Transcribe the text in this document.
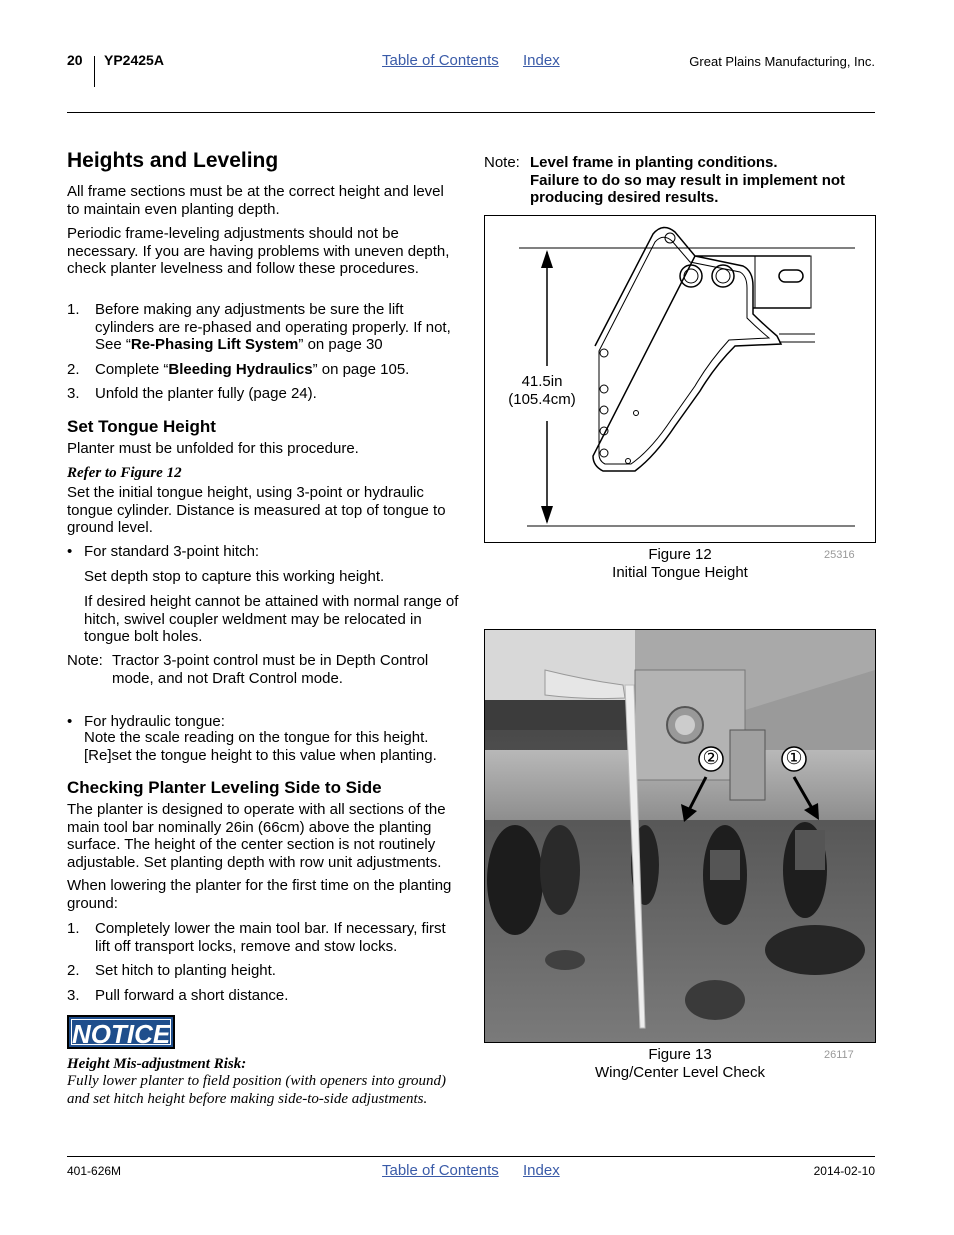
20 YP2425A	Table of Contents Index	Great Plains Manufacturing, Inc.
Heights and Leveling

All frame sections must be at the correct height and level to maintain even planting depth.

Periodic frame-leveling adjustments should not be necessary. If you are having problems with uneven depth, check planter levelness and follow these procedures.

1. Before making any adjustments be sure the lift cylinders are re-phased and operating properly. If not, See “Re-Phasing Lift System” on page 30
2. Complete “Bleeding Hydraulics” on page 105.
3. Unfold the planter fully (page 24).
Set Tongue Height

Planter must be unfolded for this procedure.

Refer to Figure 12

Set the initial tongue height, using 3-point or hydraulic tongue cylinder. Distance is measured at top of tongue to ground level.

• For standard 3-point hitch:

Set depth stop to capture this working height.

If desired height cannot be attained with normal range of hitch, swivel coupler weldment may be relocated in tongue bolt holes.

Note: Tractor 3-point control must be in Depth Control mode, and not Draft Control mode.
• For hydraulic tongue:

Note the scale reading on the tongue for this height. [Re]set the tongue height to this value when planting.

Checking Planter Leveling Side to Side

The planter is designed to operate with all sections of the main tool bar nominally 26in (66cm) above the planting surface. The height of the center section is not routinely adjustable. Set planting depth with row unit adjustments.

When lowering the planter for the first time on the planting ground:

1. Completely lower the main tool bar. If necessary, first lift off transport locks, remove and stow locks.
2. Set hitch to planting height.
3. Pull forward a short distance.
NOTICE

Height Mis-adjustment Risk:

Fully lower planter to field position (with openers into ground) and set hitch height before making side-to-side adjustments.

Note: Level frame in planting conditions.
Failure to do so may result in implement not producing desired results.
41.5in
(105.4cm)
Figure 12
Initial Tongue Height
25316
②	①
Figure 13
Wing/Center Level Check
26117
401-626M	Table of Contents Index	2014-02-10
